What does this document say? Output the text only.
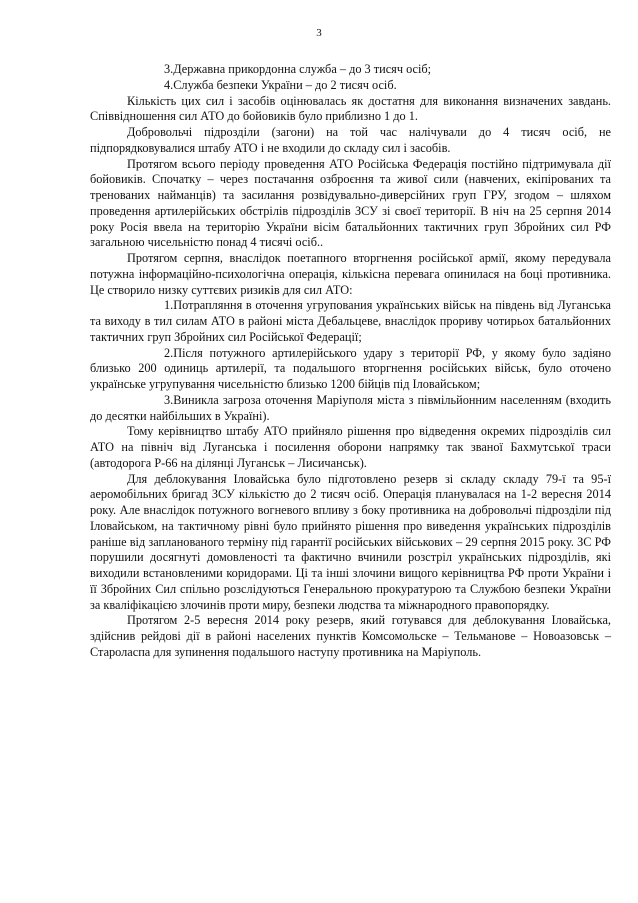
3

3.Державна прикордонна служба – до 3 тисяч осіб;

4.Служба безпеки України – до 2 тисяч осіб.

Кількість цих сил і засобів оцінювалась як достатня для виконання визначених завдань. Співвідношення сил АТО до бойовиків було приблизно 1 до 1.

Добровольчі підрозділи (загони) на той час налічували до 4 тисяч осіб, не підпорядковувалися штабу АТО і не входили до складу сил і засобів.

Протягом всього періоду проведення АТО Російська Федерація постійно підтримувала дії бойовиків. Спочатку – через постачання озброєння та живої сили (навчених, екіпірованих та тренованих найманців) та засилання розвідувально-диверсійних груп ГРУ, згодом – шляхом проведення артилерійських обстрілів підрозділів ЗСУ зі своєї території. В ніч на 25 серпня 2014 року Росія ввела на територію України вісім батальйонних тактичних груп Збройних сил РФ загальною чисельністю понад 4 тисячі осіб..

Протягом серпня, внаслідок поетапного вторгнення російської армії, якому передувала потужна інформаційно-психологічна операція, кількісна перевага опинилася на боці противника. Це створило низку суттєвих ризиків для сил АТО:

1.Потрапляння в оточення угрупования українських військ на південь від Луганська та виходу в тил силам АТО в районі міста Дебальцеве, внаслідок прориву чотирьох батальйонних тактичних груп Збройних сил Російської Федерації;

2.Після потужного артилерійського удару з території РФ, у якому було задіяно близько 200 одиниць артилерії, та подальшого вторгнення російських військ, було оточено українське угрупування чисельністю близько 1200 бійців під Іловайськом;

3.Виникла загроза оточення Маріуполя міста з півмільйонним населенням (входить до десятки найбільших в Україні).

Тому керівництво штабу АТО прийняло рішення про відведення окремих підрозділів сил АТО на північ від Луганська і посилення оборони напрямку так званої Бахмутської траси (автодорога Р-66 на ділянці Луганськ – Лисичанськ).

Для деблокування Іловайська було підготовлено резерв зі складу складу 79-ї та 95-ї аеромобільних бригад ЗСУ кількістю до 2 тисяч осіб. Операція планувалася на 1-2 вересня 2014 року. Але внаслідок потужного вогневого впливу з боку противника на добровольчі підрозділи під Іловайськом, на тактичному рівні було прийнято рішення про виведення українських підрозділів раніше від запланованого терміну під гарантії російських військових – 29 серпня 2015 року. ЗС РФ порушили досягнуті домовленості та фактично вчинили розстріл українських підрозділів, які виходили встановленими коридорами. Ці та інші злочини вищого керівництва РФ проти України і її Збройних Сил спільно розслідуються Генеральною прокуратурою та Службою безпеки України за кваліфікацією злочинів проти миру, безпеки людства та міжнародного правопорядку.

Протягом 2-5 вересня 2014 року резерв, який готувався для деблокування Іловайська, здійснив рейдові дії в районі населених пунктів Комсомольске – Тельманове – Новоазовськ – Староласпа для зупинення подальшого наступу противника на Маріуполь.
